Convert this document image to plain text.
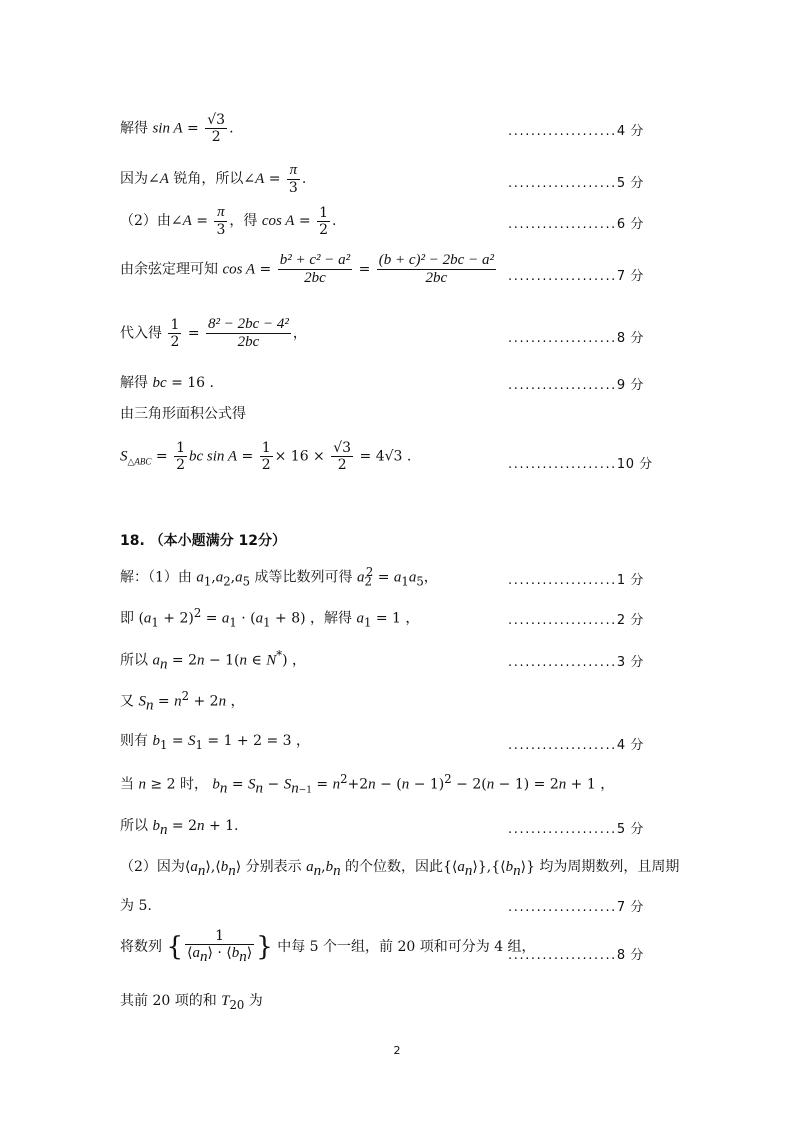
解得 $\sin A = \frac{√3}{2}$ .	...................4 分
因为∠A 锐角，所以∠A = $\frac{\pi}{3}$ .	...................5 分
（2）由∠A = $\frac{\pi}{3}$ ，得 $\cos A = \frac{1}{2}$ .	...................6 分
由余弦定理可知 $\cos A = \frac{\text{b² + c² − a²}}{2bc} = \frac{\text{(b + c)² − 2bc − a²}}{2bc} ...................7$ 分
代入得 $\frac{1}{2} = \frac{\text{8² − 2bc − 4²}}{2bc}$ ，	...................8 分
解得 bc = 16 .	...................9 分
由三角形面积公式得
$S_{\triangle ABC} = \frac{1}{2}$ bc $\sin A = \frac{1}{2} \times 16 \times \frac{√3}{2} = 4√3$ .	...................10 分
18. （本小题满分 12分）
解：（1）由 $a_1,a_2,a_5$ 成等比数列可得 $a_2^2 = a_1a_5$，	...................1 分
即 $(a_1 + 2)^2 = a_1 \cdot (a_1 + 8)$ ，解得 $a_1 = 1$ ，	...................2 分
所以 $a_n = 2n - 1(n$ ∈ N*) ，	...................3 分
又 $S_n = n^2 + 2n$ ，
则有 $b_1 = S_1 = 1 + 2 = 3$ ，	...................4 分
当 n ≥ 2 时， $b_n = S_n - S_{n-1} = n^2+2n - (n - 1)^2 - 2(n - 1) = 2n + 1$ ，
所以 $b_n = 2n + 1$.	...................5 分
（2）因为$⟨a_n⟩,⟨b_n⟩$ 分别表示 $a_n,b_n$ 的个位数，因此$\{⟨a_n⟩\},\{⟨b_n⟩\}$ 均为周期数列，且周期
为 5.	...................7 分
将数列 { $\frac{1}{⟨a_n⟩ \cdot ⟨b_n⟩}$ } 中每 5 个一组，前 20 项和可分为 4 组，
...................8 分
其前 20 项的和 $T_{20}$ 为
2
